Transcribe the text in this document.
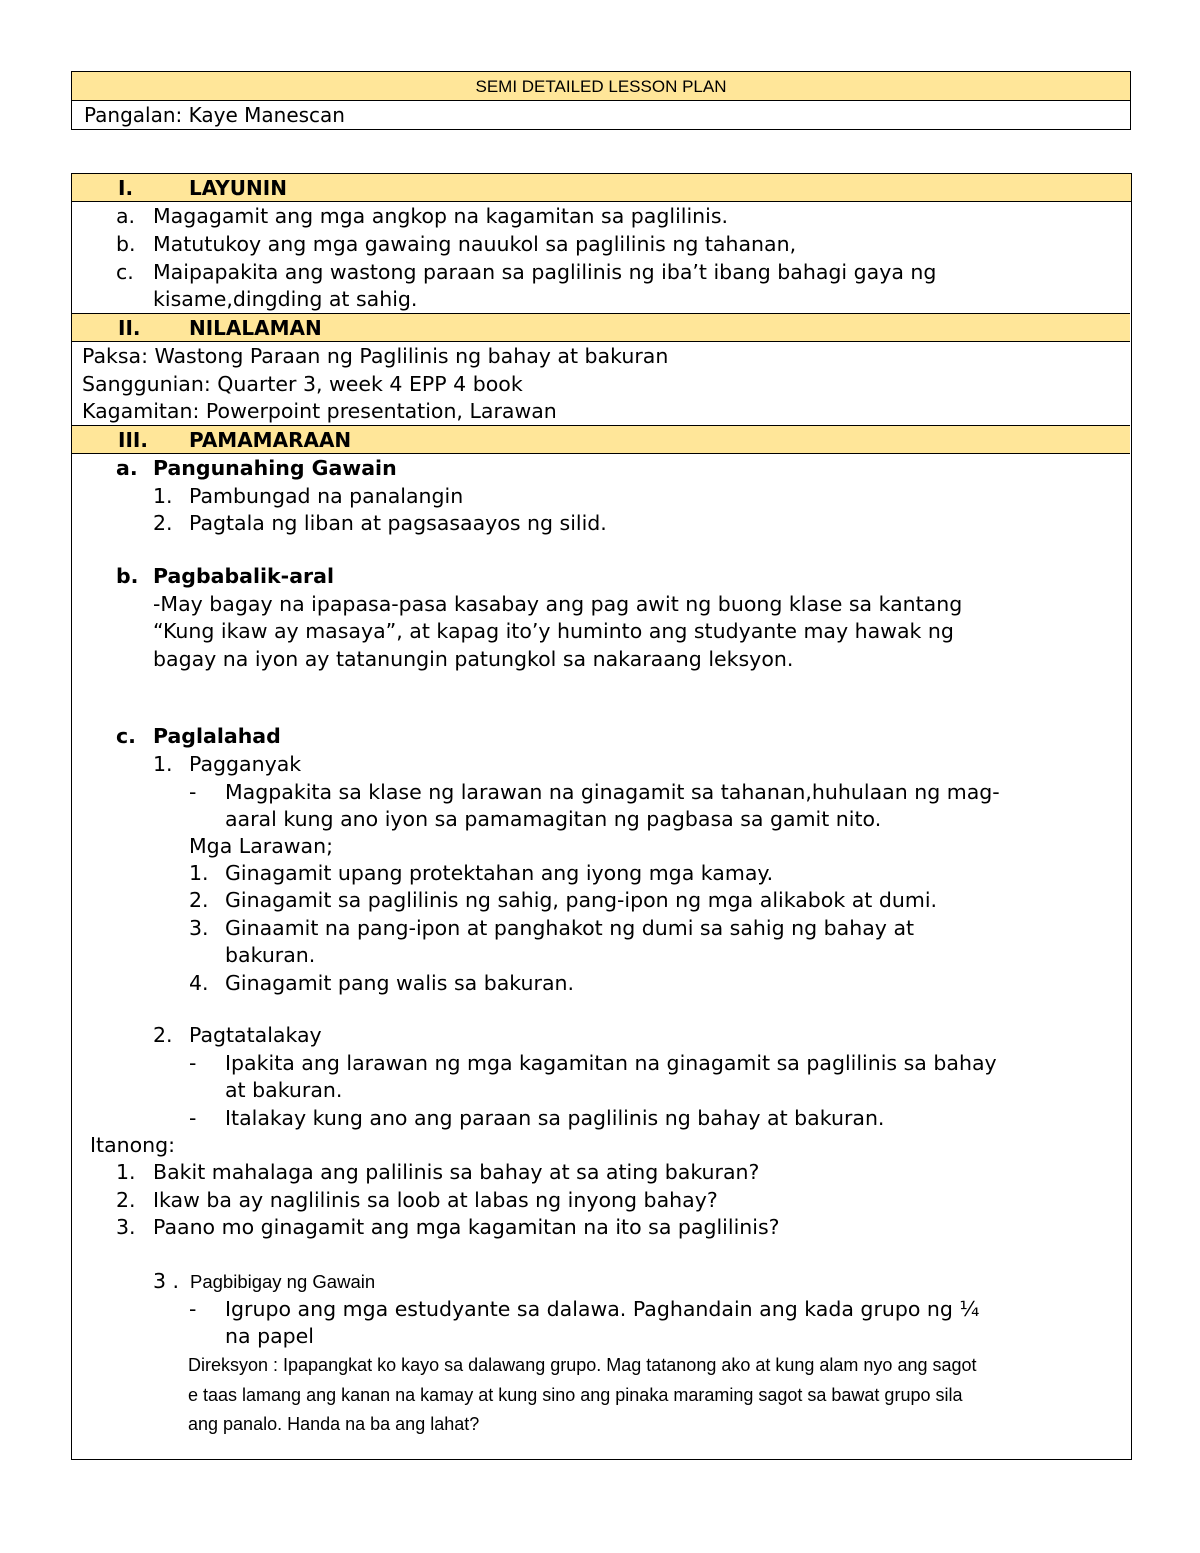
SEMI DETAILED LESSON PLAN
Pangalan: Kaye Manescan
I.	LAYUNIN
a. Magagamit ang mga angkop na kagamitan sa paglilinis.
b. Matutukoy ang mga gawaing nauukol sa paglilinis ng tahanan,
c. Maipapakita ang wastong paraan sa paglilinis ng iba’t ibang bahagi gaya ng
kisame,dingding at sahig.
II. NILALAMAN
Paksa: Wastong Paraan ng Paglilinis ng bahay at bakuran
Sanggunian: Quarter 3, week 4 EPP 4 book
Kagamitan: Powerpoint presentation, Larawan
III. PAMAMARAAN
a. Pangunahing Gawain
1. Pambungad na panalangin
2. Pagtala ng liban at pagsasaayos ng silid.
b. Pagbabalik-aral
-May bagay na ipapasa-pasa kasabay ang pag awit ng buong klase sa kantang
“Kung ikaw ay masaya”, at kapag ito’y huminto ang studyante may hawak ng
bagay na iyon ay tatanungin patungkol sa nakaraang leksyon.
c. Paglalahad
1. Pagganyak
- Magpakita sa klase ng larawan na ginagamit sa tahanan,huhulaan ng mag-
aaral kung ano iyon sa pamamagitan ng pagbasa sa gamit nito.
Mga Larawan;
1. Ginagamit upang protektahan ang iyong mga kamay.
2. Ginagamit sa paglilinis ng sahig, pang-ipon ng mga alikabok at dumi.
3. Ginaamit na pang-ipon at panghakot ng dumi sa sahig ng bahay at
bakuran.
4. Ginagamit pang walis sa bakuran.
2. Pagtatalakay
- Ipakita ang larawan ng mga kagamitan na ginagamit sa paglilinis sa bahay
at bakuran.
- Italakay kung ano ang paraan sa paglilinis ng bahay at bakuran.
Itanong:
1. Bakit mahalaga ang palilinis sa bahay at sa ating bakuran?
2. Ikaw ba ay naglilinis sa loob at labas ng inyong bahay?
3. Paano mo ginagamit ang mga kagamitan na ito sa paglilinis?
3 . Pagbibigay ng Gawain
- Igrupo ang mga estudyante sa dalawa. Paghandain ang kada grupo ng ¼
na papel
Direksyon : Ipapangkat ko kayo sa dalawang grupo. Mag tatanong ako at kung alam nyo ang sagot
e taas lamang ang kanan na kamay at kung sino ang pinaka maraming sagot sa bawat grupo sila
ang panalo. Handa na ba ang lahat?
